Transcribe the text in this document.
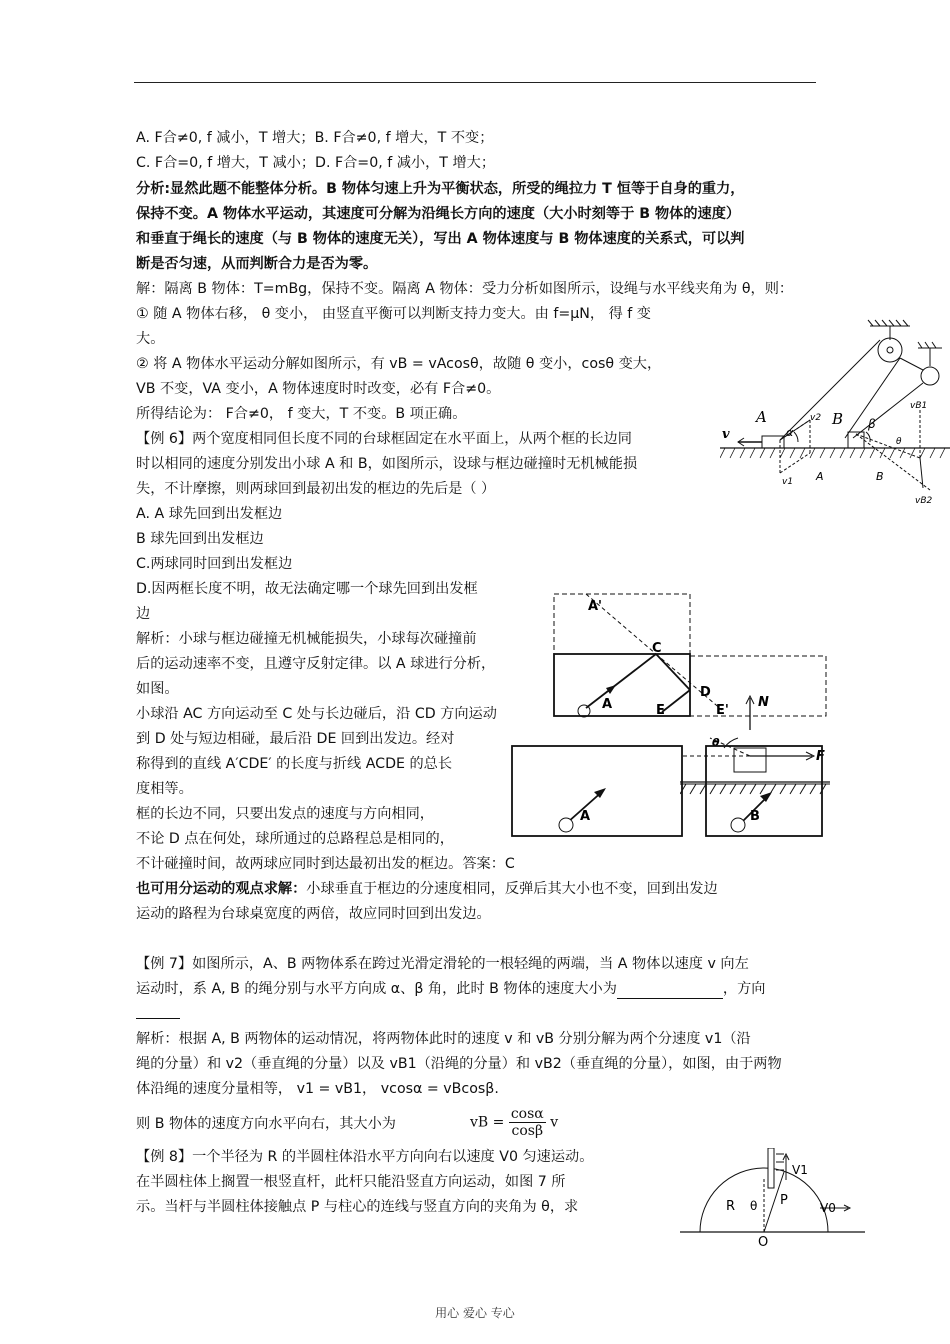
A. F合≠0, f 减小，T 增大；B. F合≠0, f 增大，T 不变；
C. F合=0, f 增大，T 减小；D. F合=0, f 减小，T 增大；
分析:显然此题不能整体分析。B 物体匀速上升为平衡状态，所受的绳拉力 T 恒等于自身的重力，
保持不变。A 物体水平运动，其速度可分解为沿绳长方向的速度（大小时刻等于 B 物体的速度）
和垂直于绳长的速度（与 B 物体的速度无关），写出 A 物体速度与 B 物体速度的关系式，可以判
断是否匀速，从而判断合力是否为零。
解：隔离 B 物体：T=mBg，保持不变。隔离 A 物体：受力分析如图所示，设绳与水平线夹角为 θ，则：
① 随 A 物体右移， θ 变小， 由竖直平衡可以判断支持力变大。由 f=μN， 得 f 变
大。
② 将 A 物体水平运动分解如图所示，有 vB = vAcosθ，故随 θ 变小，cosθ 变大，
VB 不变，VA 变小，A 物体速度时时改变，必有 F合≠0。
所得结论为： F合≠0， f 变大，T 不变。B 项正确。
【例 6】两个宽度相同但长度不同的台球框固定在水平面上，从两个框的长边同
时以相同的速度分别发出小球 A 和 B，如图所示，设球与框边碰撞时无机械能损
失，不计摩擦，则两球回到最初出发的框边的先后是（ ）
A. A 球先回到出发框边
B 球先回到出发框边
C.两球同时回到出发框边
D.因两框长度不明，故无法确定哪一个球先回到出发框
边
解析：小球与框边碰撞无机械能损失，小球每次碰撞前
后的运动速率不变，且遵守反射定律。以 A 球进行分析，
如图。
小球沿 AC 方向运动至 C 处与长边碰后，沿 CD 方向运动
到 D 处与短边相碰，最后沿 DE 回到出发边。经对
称得到的直线 A′CDE′ 的长度与折线 ACDE 的总长
度相等。
框的长边不同，只要出发点的速度与方向相同，
不论 D 点在何处，球所通过的总路程总是相同的，
不计碰撞时间，故两球应同时到达最初出发的框边。答案：C
也可用分运动的观点求解：小球垂直于框边的分速度相同，反弹后其大小也不变，回到出发边
运动的路程为台球桌宽度的两倍，故应同时回到出发边。
【例 7】如图所示，A、B 两物体系在跨过光滑定滑轮的一根轻绳的两端，当 A 物体以速度 v 向左
运动时，系 A, B 的绳分别与水平方向成 α、β 角，此时 B 物体的速度大小为	，方向
解析：根据 A, B 两物体的运动情况，将两物体此时的速度 v 和 vB 分别分解为两个分速度 v1（沿
绳的分量）和 v2（垂直绳的分量）以及 vB1（沿绳的分量）和 vB2（垂直绳的分量），如图，由于两物
体沿绳的速度分量相等， v1 = vB1， vcosα = vBcosβ.
则 B 物体的速度方向水平向右，其大小为
【例 8】一个半径为 R 的半圆柱体沿水平方向向右以速度 V0 匀速运动。
在半圆柱体上搁置一根竖直杆，此杆只能沿竖直方向运动，如图 7 所
示。当杆与半圆柱体接触点 P 与柱心的连线与竖直方向的夹角为 θ，求
vB = $\frac{\cos\alpha}{\cos\beta}$ v
A	B
v	α
β
θ
v1
v2
vB1
vB2
A	B
A'
C
A	E
D
E'
N
F
θ
A	B
V1
R θ P	V0
O
用心 爱心 专心
